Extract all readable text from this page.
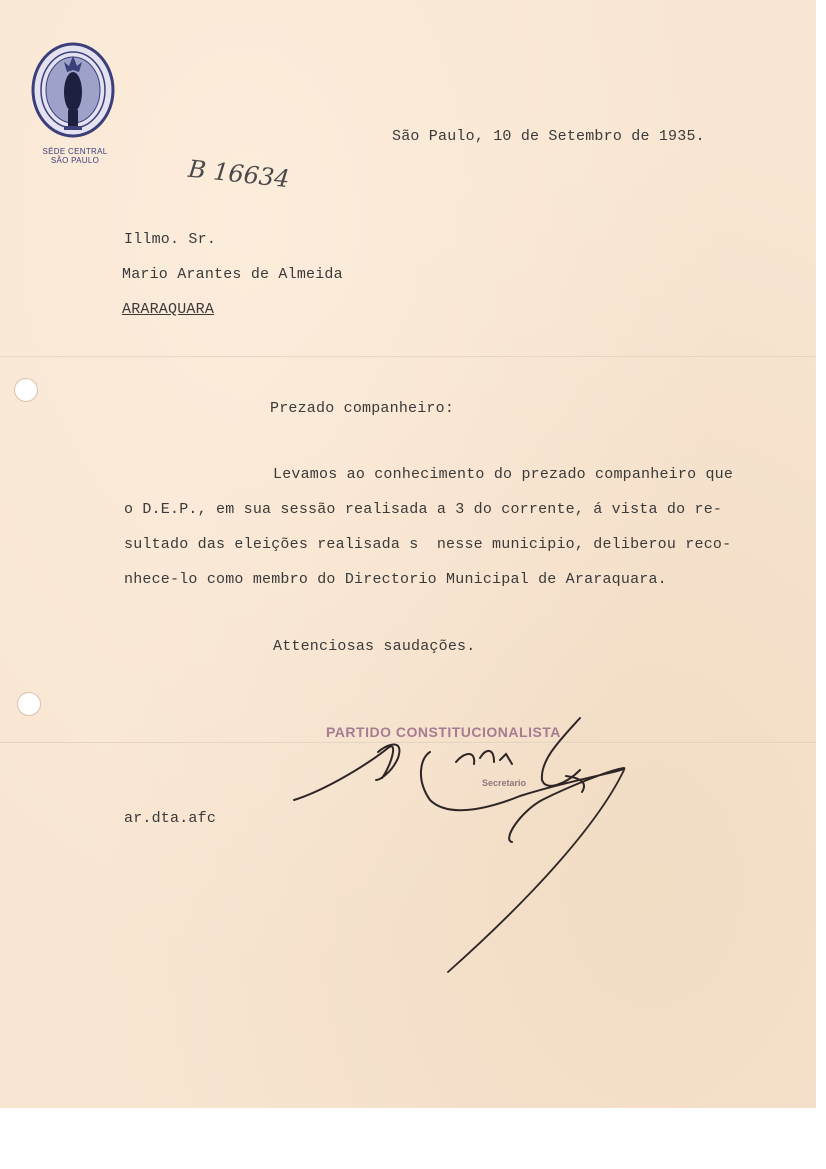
SÉDE CENTRAL
SÃO PAULO
São Paulo, 10 de Setembro de 1935.
B 16634
Illmo. Sr.
Mario Arantes de Almeida
ARARAQUARA
Prezado companheiro:
Levamos ao conhecimento do prezado companheiro que
o D.E.P., em sua sessão realisada a 3 do corrente, á vista do re-
sultado das eleições realisada s  nesse municipio, deliberou reco-
nhece-lo como membro do Directorio Municipal de Araraquara.
Attenciosas saudações.
PARTIDO CONSTITUCIONALISTA
Secretario
ar.dta.afc
